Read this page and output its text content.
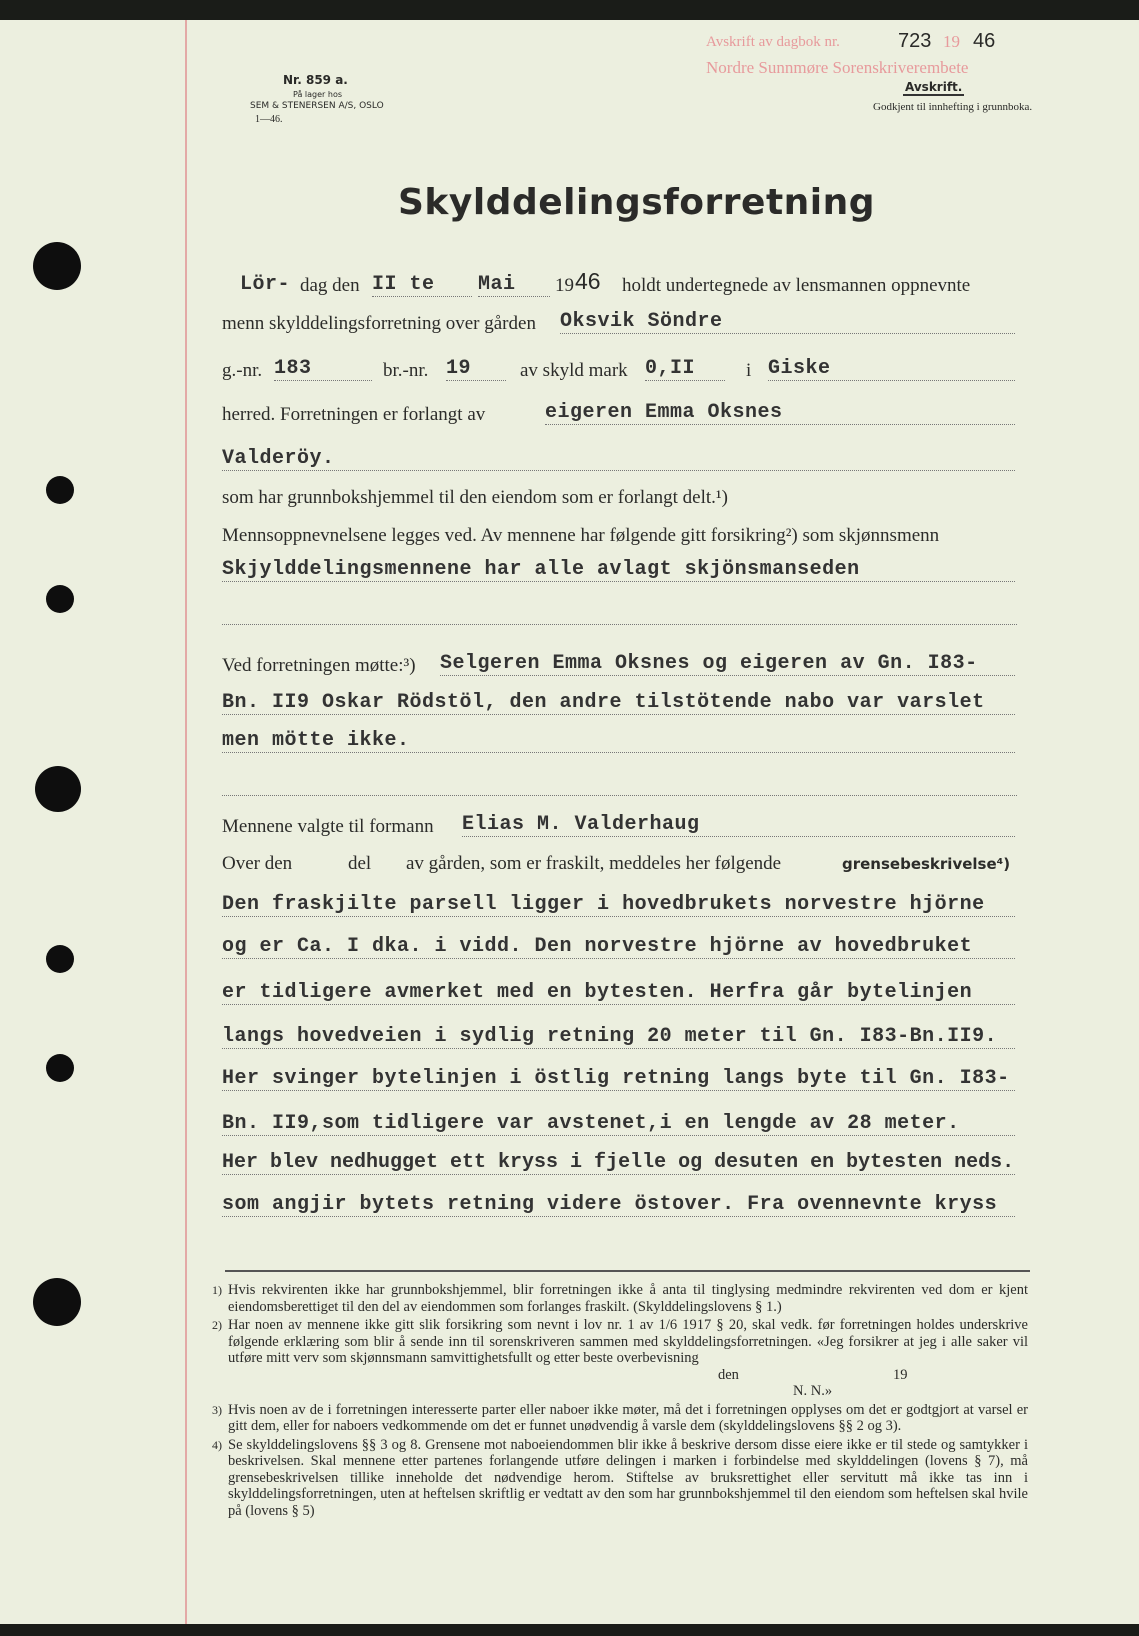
Nr. 859 a.
På lager hos
SEM & STENERSEN A/S, OSLO
1—46.
Avskrift av dagbok nr.	723 19 46
Nordre Sunnmøre Sorenskriverembete
Avskrift.
Godkjent til innhefting i grunnboka.
Skylddelingsforretning
Lör- dag den II te	Mai	19 46 holdt undertegnede av lensmannen oppnevnte
menn skylddelingsforretning over gården Oksvik Söndre
g.-nr. 183	br.-nr. 19	av skyld mark 0,II	i Giske
herred. Forretningen er forlangt av	eigeren Emma Oksnes
Valderöy.
som har grunnbokshjemmel til den eiendom som er forlangt delt.¹)
Mennsoppnevnelsene legges ved. Av mennene har følgende gitt forsikring²) som skjønnsmenn
Skjylddelingsmennene har alle avlagt skjönsmanseden
Ved forretningen møtte:³) Selgeren Emma Oksnes og eigeren av Gn. I83-
Bn. II9 Oskar Rödstöl, den andre tilstötende nabo var varslet
men mötte ikke.
Mennene valgte til formann Elias M. Valderhaug
Over den	del av gården, som er fraskilt, meddeles her følgende	grensebeskrivelse⁴)
Den fraskjilte parsell ligger i hovedbrukets norvestre hjörne
og er Ca. I dka. i vidd. Den norvestre hjörne av hovedbruket
er tidligere avmerket med en bytesten. Herfra går bytelinjen
langs hovedveien i sydlig retning 20 meter til Gn. I83-Bn.II9.
Her svinger bytelinjen i östlig retning langs byte til Gn. I83-
Bn. II9,som tidligere var avstenet,i en lengde av 28 meter.
Her blev nedhugget ett kryss i fjelle og desuten en bytesten neds.
som angjir bytets retning videre östover. Fra ovennevnte kryss
1) Hvis rekvirenten ikke har grunnbokshjemmel, blir forretningen ikke å anta til tinglysing medmindre rekvirenten ved dom er kjent eiendomsberettiget til den del av eiendommen som forlanges fraskilt. (Skylddelingslovens § 1.)
2) Har noen av mennene ikke gitt slik forsikring som nevnt i lov nr. 1 av 1/6 1917 § 20, skal vedk. før forretningen holdes underskrive følgende erklæring som blir å sende inn til sorenskriveren sammen med skylddelingsforretningen. «Jeg forsikrer at jeg i alle saker vil utføre mitt verv som skjønnsmann samvittighetsfullt og etter beste overbevisning
den	19
N. N.»
3) Hvis noen av de i forretningen interesserte parter eller naboer ikke møter, må det i forretningen opplyses om det er godtgjort at varsel er gitt dem, eller for naboers vedkommende om det er funnet unødvendig å varsle dem (skylddelingslovens §§ 2 og 3).
4) Se skylddelingslovens §§ 3 og 8. Grensene mot naboeiendommen blir ikke å beskrive dersom disse eiere ikke er til stede og samtykker i beskrivelsen. Skal mennene etter partenes forlangende utføre delingen i marken i forbindelse med skylddelingen (lovens § 7), må grensebeskrivelsen tillike inneholde det nødvendige herom. Stiftelse av bruksrettighet eller servitutt må ikke tas inn i skylddelingsforretningen, uten at heftelsen skriftlig er vedtatt av den som har grunnbokshjemmel til den eiendom som heftelsen skal hvile på (lovens § 5)
